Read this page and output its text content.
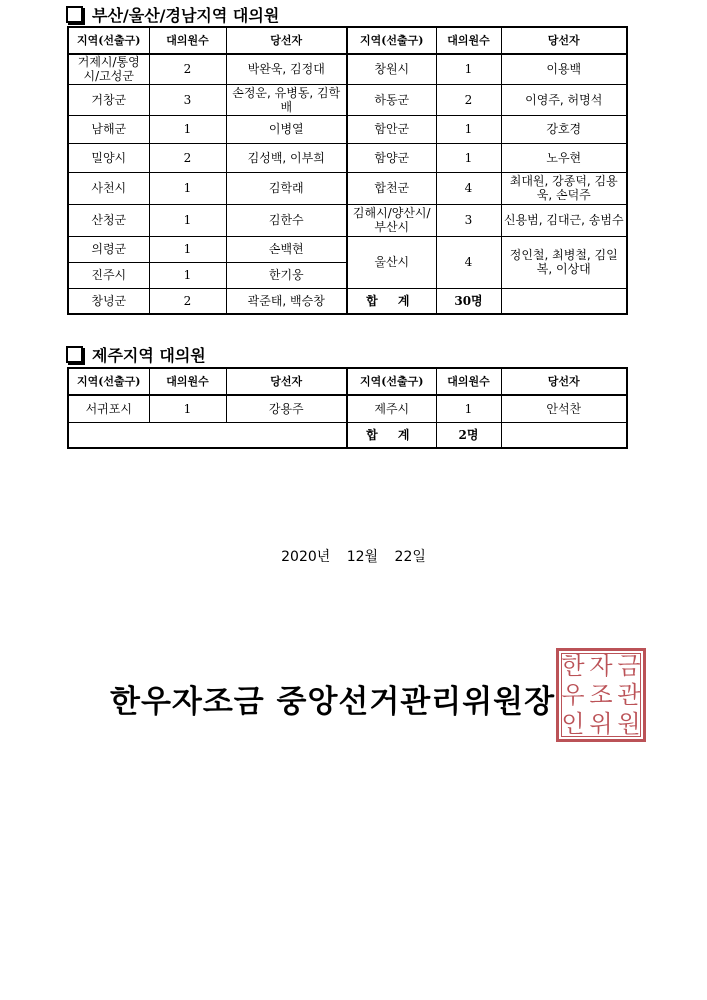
부산/울산/경남지역 대의원
지역(선출구)	대의원수	당선자	지역(선출구)	대의원수	당선자
거제시/통영시/고성군	2	박완욱, 김정대	창원시	1	이용백
거창군	3	손정운, 유병동, 김학배	하동군	2	이영주, 허명석
남해군	1	이병열	함안군	1	강호경
밀양시	2	김성백, 이부희	함양군	1	노우현
사천시	1	김학래	합천군	4	최대원, 강종덕, 김용욱, 손덕주
산청군	1	김한수	김해시/양산시/부산시	3	신용범, 김대근, 송범수
의령군	1	손백현	울산시	4	정인철, 최병철, 김일복, 이상대
진주시	1	한기웅			
창녕군	2	곽준태, 백승창	합 계	30명	
제주지역 대의원
지역(선출구)	대의원수	당선자	지역(선출구)	대의원수	당선자
서귀포시	1	강용주	제주시	1	안석찬
			합 계	2명	
2020년 12월 22일
한우자조금 중앙선거관리위원장
한 자 금
우 조 관
인 위 원
